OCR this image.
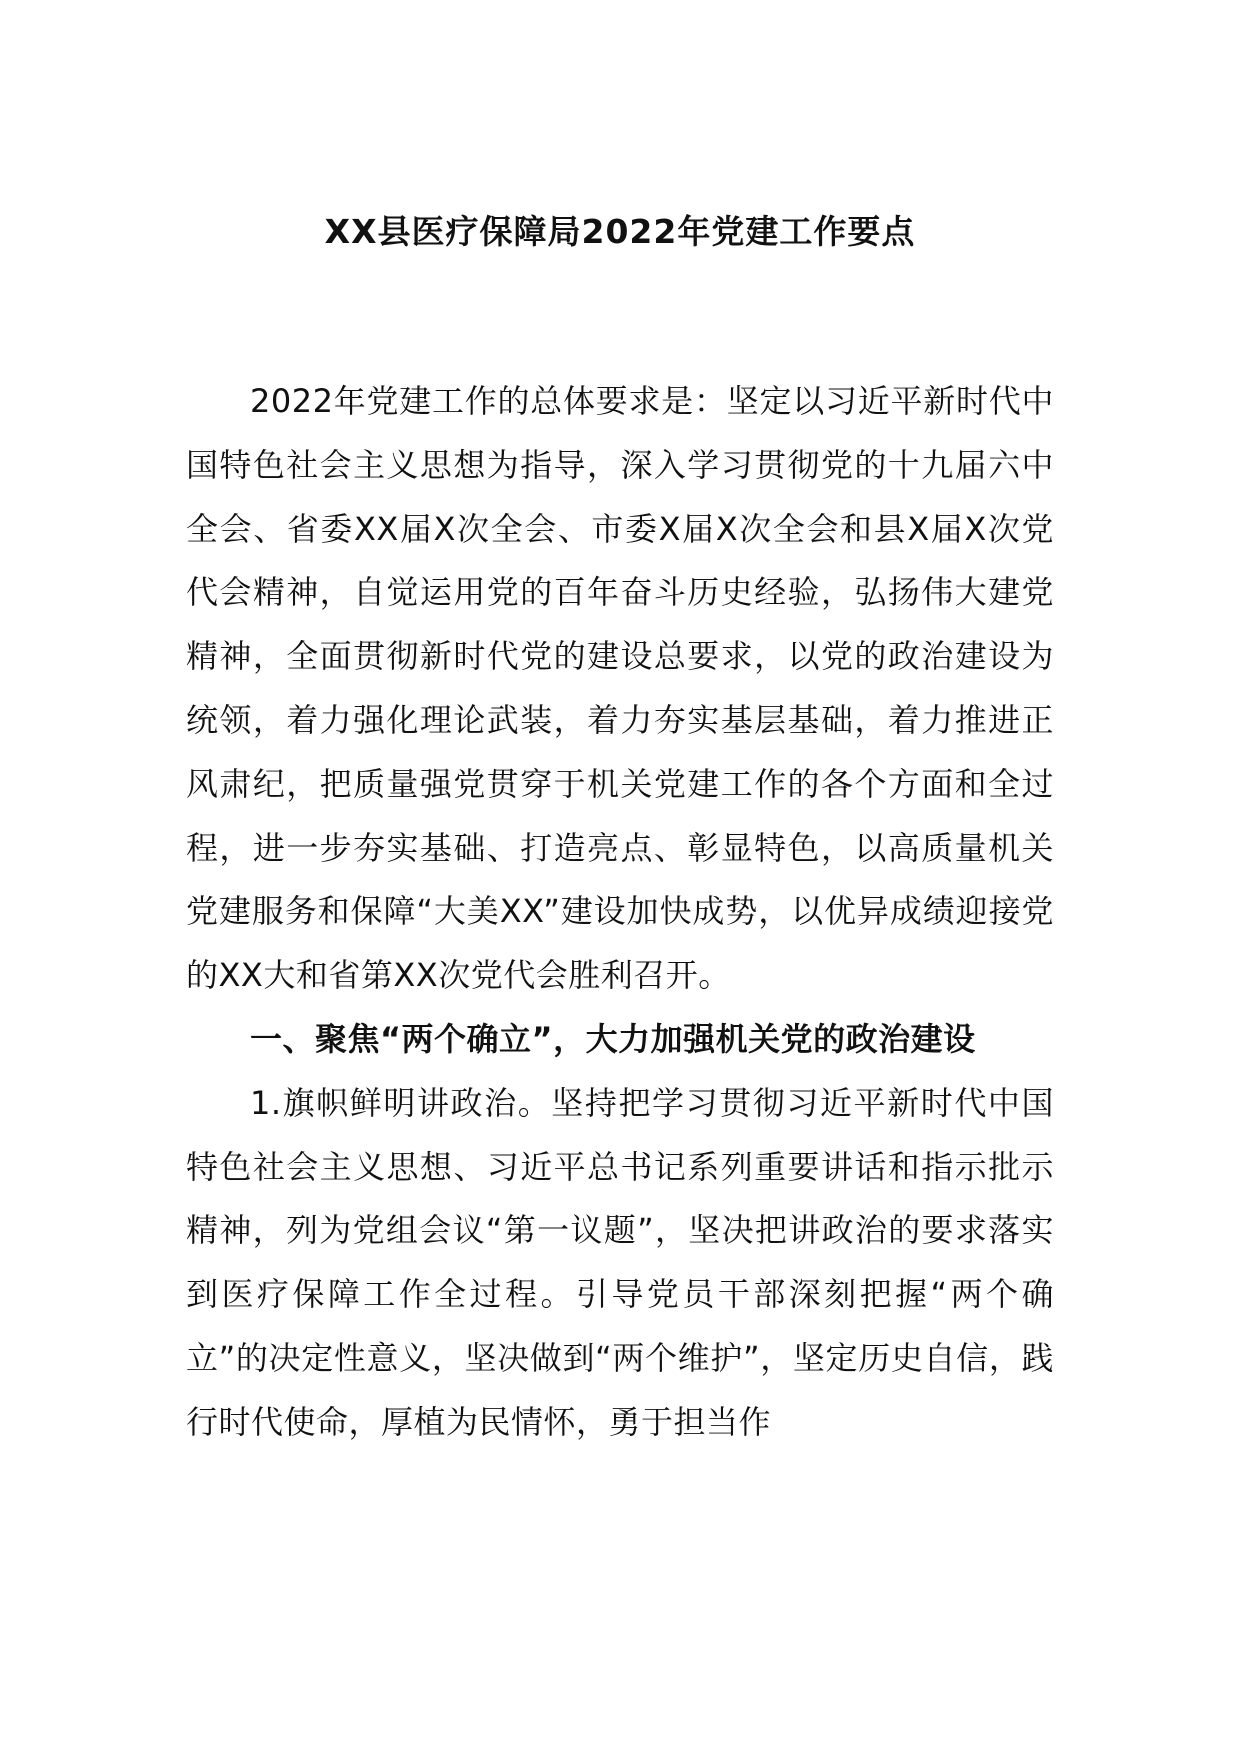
XX县医疗保障局2022年党建工作要点

2022年党建工作的总体要求是：坚定以习近平新时代中国特色社会主义思想为指导，深入学习贯彻党的十九届六中全会、省委XX届X次全会、市委X届X次全会和县X届X次党代会精神，自觉运用党的百年奋斗历史经验，弘扬伟大建党精神，全面贯彻新时代党的建设总要求，以党的政治建设为统领，着力强化理论武装，着力夯实基层基础，着力推进正风肃纪，把质量强党贯穿于机关党建工作的各个方面和全过程，进一步夯实基础、打造亮点、彰显特色，以高质量机关党建服务和保障“大美XX”建设加快成势，以优异成绩迎接党的XX大和省第XX次党代会胜利召开。

一、聚焦“两个确立”，大力加强机关党的政治建设

1.旗帜鲜明讲政治。坚持把学习贯彻习近平新时代中国特色社会主义思想、习近平总书记系列重要讲话和指示批示精神，列为党组会议“第一议题”，坚决把讲政治的要求落实到医疗保障工作全过程。引导党员干部深刻把握“两个确立”的决定性意义，坚决做到“两个维护”，坚定历史自信，践行时代使命，厚植为民情怀，勇于担当作
